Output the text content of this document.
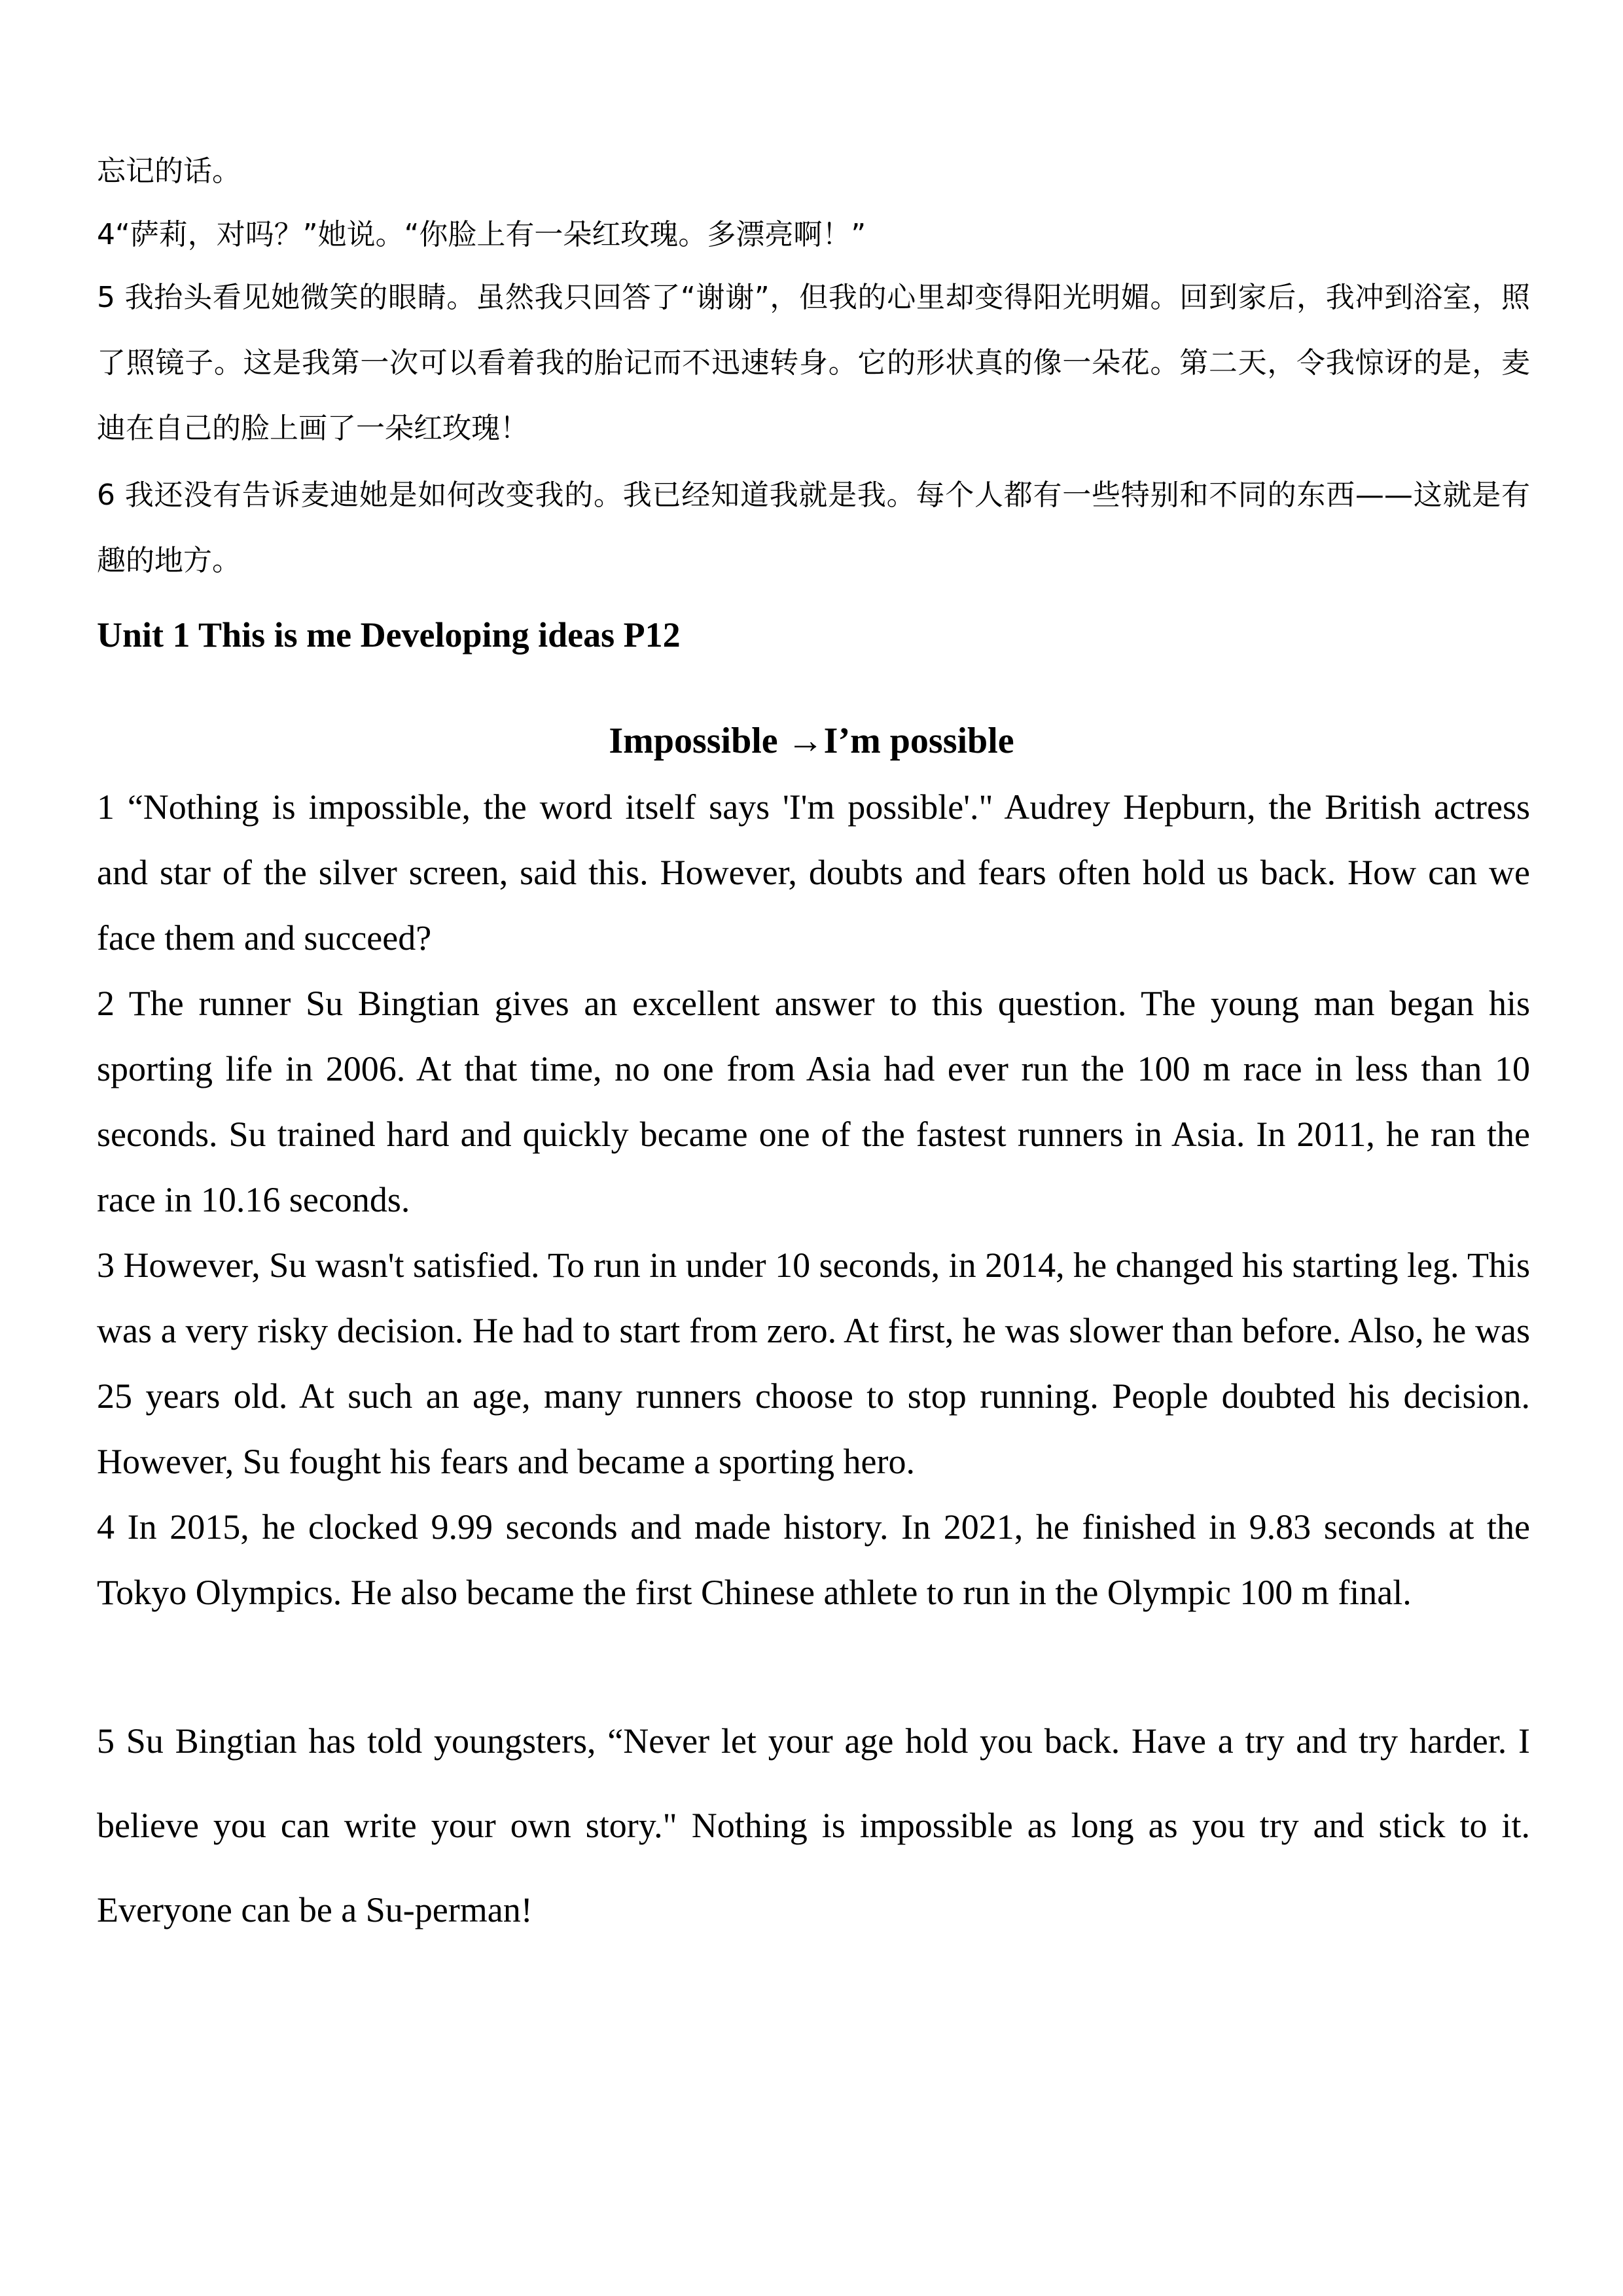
忘记的话。
4“萨莉，对吗？”她说。“你脸上有一朵红玫瑰。多漂亮啊！”
5 我抬头看见她微笑的眼睛。虽然我只回答了“谢谢”，但我的心里却变得阳光明媚。回到家后，我冲到浴室，照了照镜子。这是我第一次可以看着我的胎记而不迅速转身。它的形状真的像一朵花。第二天，令我惊讶的是，麦迪在自己的脸上画了一朵红玫瑰！
6 我还没有告诉麦迪她是如何改变我的。我已经知道我就是我。每个人都有一些特别和不同的东西——这就是有趣的地方。
Unit 1 This is me Developing ideas P12
Impossible →I’m possible
1 “Nothing is impossible, the word itself says 'I'm possible'." Audrey Hepburn, the British actress and star of the silver screen, said this. However, doubts and fears often hold us back. How can we face them and succeed?
2 The runner Su Bingtian gives an excellent answer to this question. The young man began his sporting life in 2006. At that time, no one from Asia had ever run the 100 m race in less than 10 seconds. Su trained hard and quickly became one of the fastest runners in Asia. In 2011, he ran the race in 10.16 seconds.
3 However, Su wasn't satisfied. To run in under 10 seconds, in 2014, he changed his starting leg. This was a very risky decision. He had to start from zero. At first, he was slower than before. Also, he was 25 years old. At such an age, many runners choose to stop running. People doubted his decision. However, Su fought his fears and became a sporting hero.
4 In 2015, he clocked 9.99 seconds and made history. In 2021, he finished in 9.83 seconds at the Tokyo Olympics. He also became the first Chinese athlete to run in the Olympic 100 m final.
5 Su Bingtian has told youngsters, “Never let your age hold you back. Have a try and try harder. I believe you can write your own story." Nothing is impossible as long as you try and stick to it. Everyone can be a Su-perman!
